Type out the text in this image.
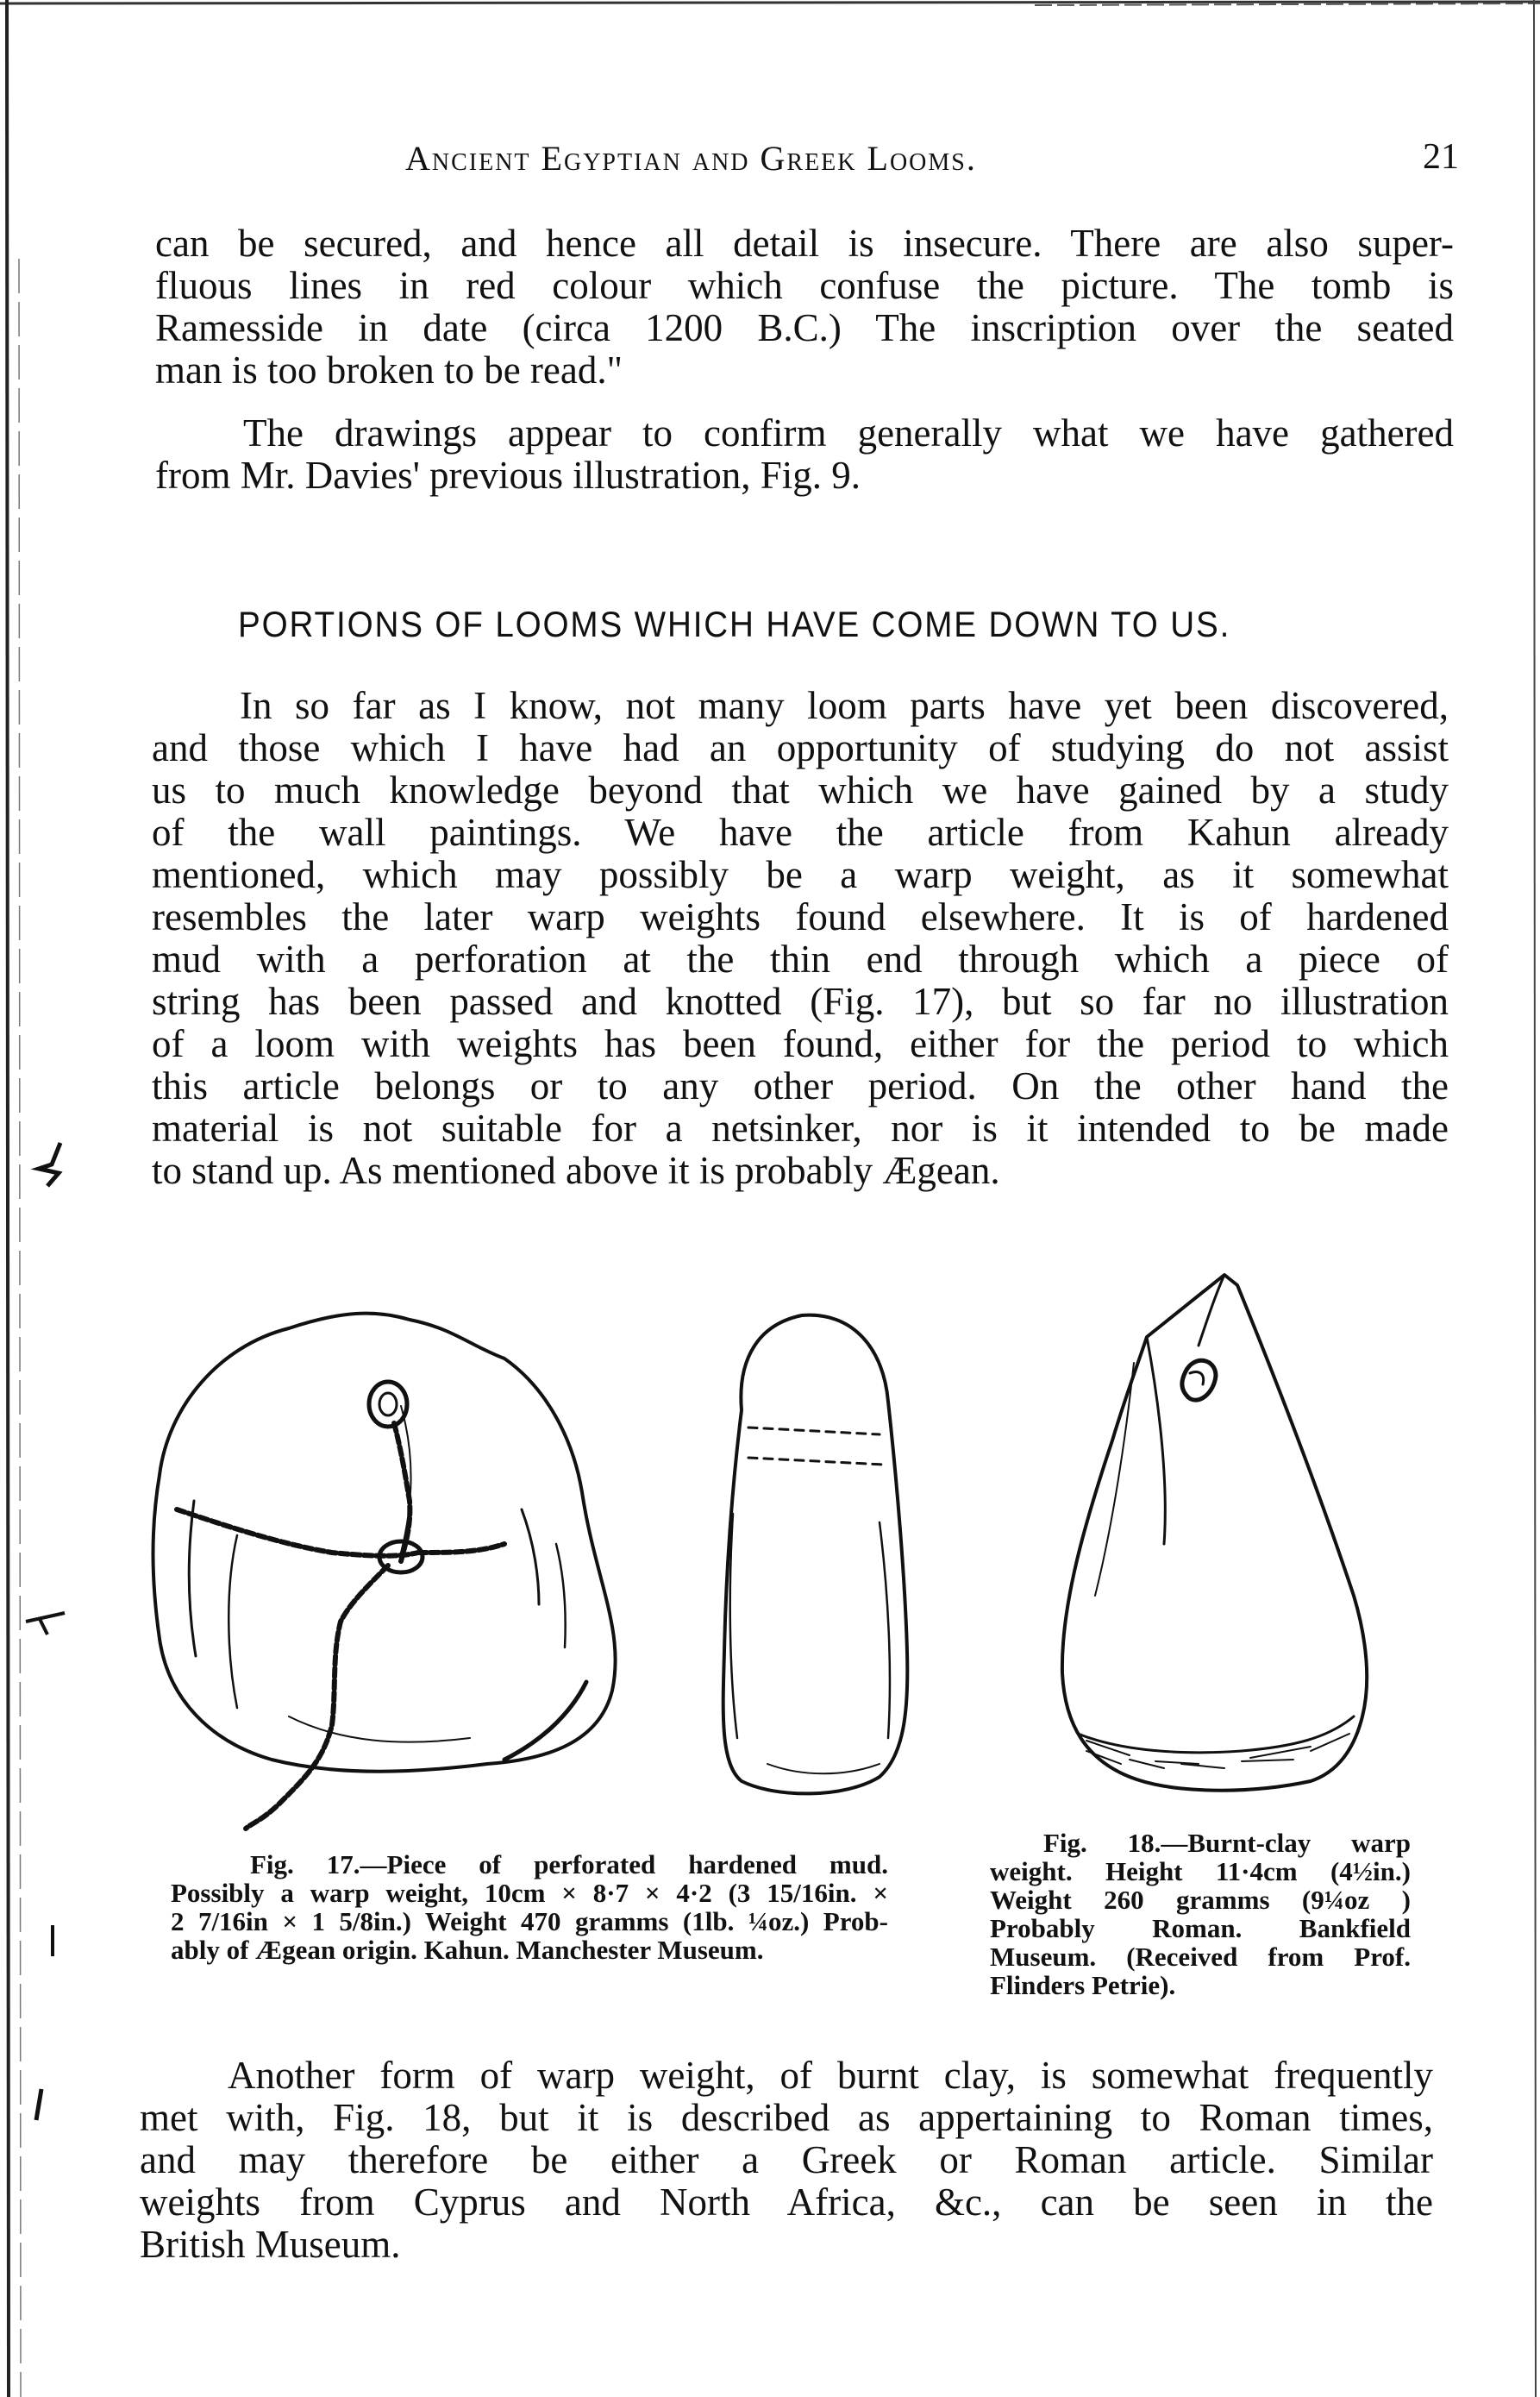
Ancient Egyptian and Greek Looms.	21
can be secured, and hence all detail is insecure. There are also super-
fluous lines in red colour which confuse the picture. The tomb is
Ramesside in date (circa 1200 B.C.) The inscription over the seated
man is too broken to be read."
The drawings appear to confirm generally what we have gathered
from Mr. Davies' previous illustration, Fig. 9.
PORTIONS OF LOOMS WHICH HAVE COME DOWN TO US.
In so far as I know, not many loom parts have yet been discovered,
and those which I have had an opportunity of studying do not assist
us to much knowledge beyond that which we have gained by a study
of the wall paintings. We have the article from Kahun already
mentioned, which may possibly be a warp weight, as it somewhat
resembles the later warp weights found elsewhere. It is of hardened
mud with a perforation at the thin end through which a piece of
string has been passed and knotted (Fig. 17), but so far no illustration
of a loom with weights has been found, either for the period to which
this article belongs or to any other period. On the other hand the
material is not suitable for a netsinker, nor is it intended to be made
to stand up. As mentioned above it is probably Ægean.
Fig. 17.—Piece of perforated hardened mud.
Possibly a warp weight, 10cm × 8·7 × 4·2 (3 15/16in. ×
2 7/16in × 1 5/8in.) Weight 470 gramms (1lb. ¼oz.) Prob-
ably of Ægean origin. Kahun. Manchester Museum.
Fig. 18.—Burnt-clay warp
weight. Height 11·4cm (4½in.)
Weight 260 gramms (9¼oz )
Probably Roman. Bankfield
Museum. (Received from Prof.
Flinders Petrie).
Another form of warp weight, of burnt clay, is somewhat frequently
met with, Fig. 18, but it is described as appertaining to Roman times,
and may therefore be either a Greek or Roman article. Similar
weights from Cyprus and North Africa, &c., can be seen in the
British Museum.
